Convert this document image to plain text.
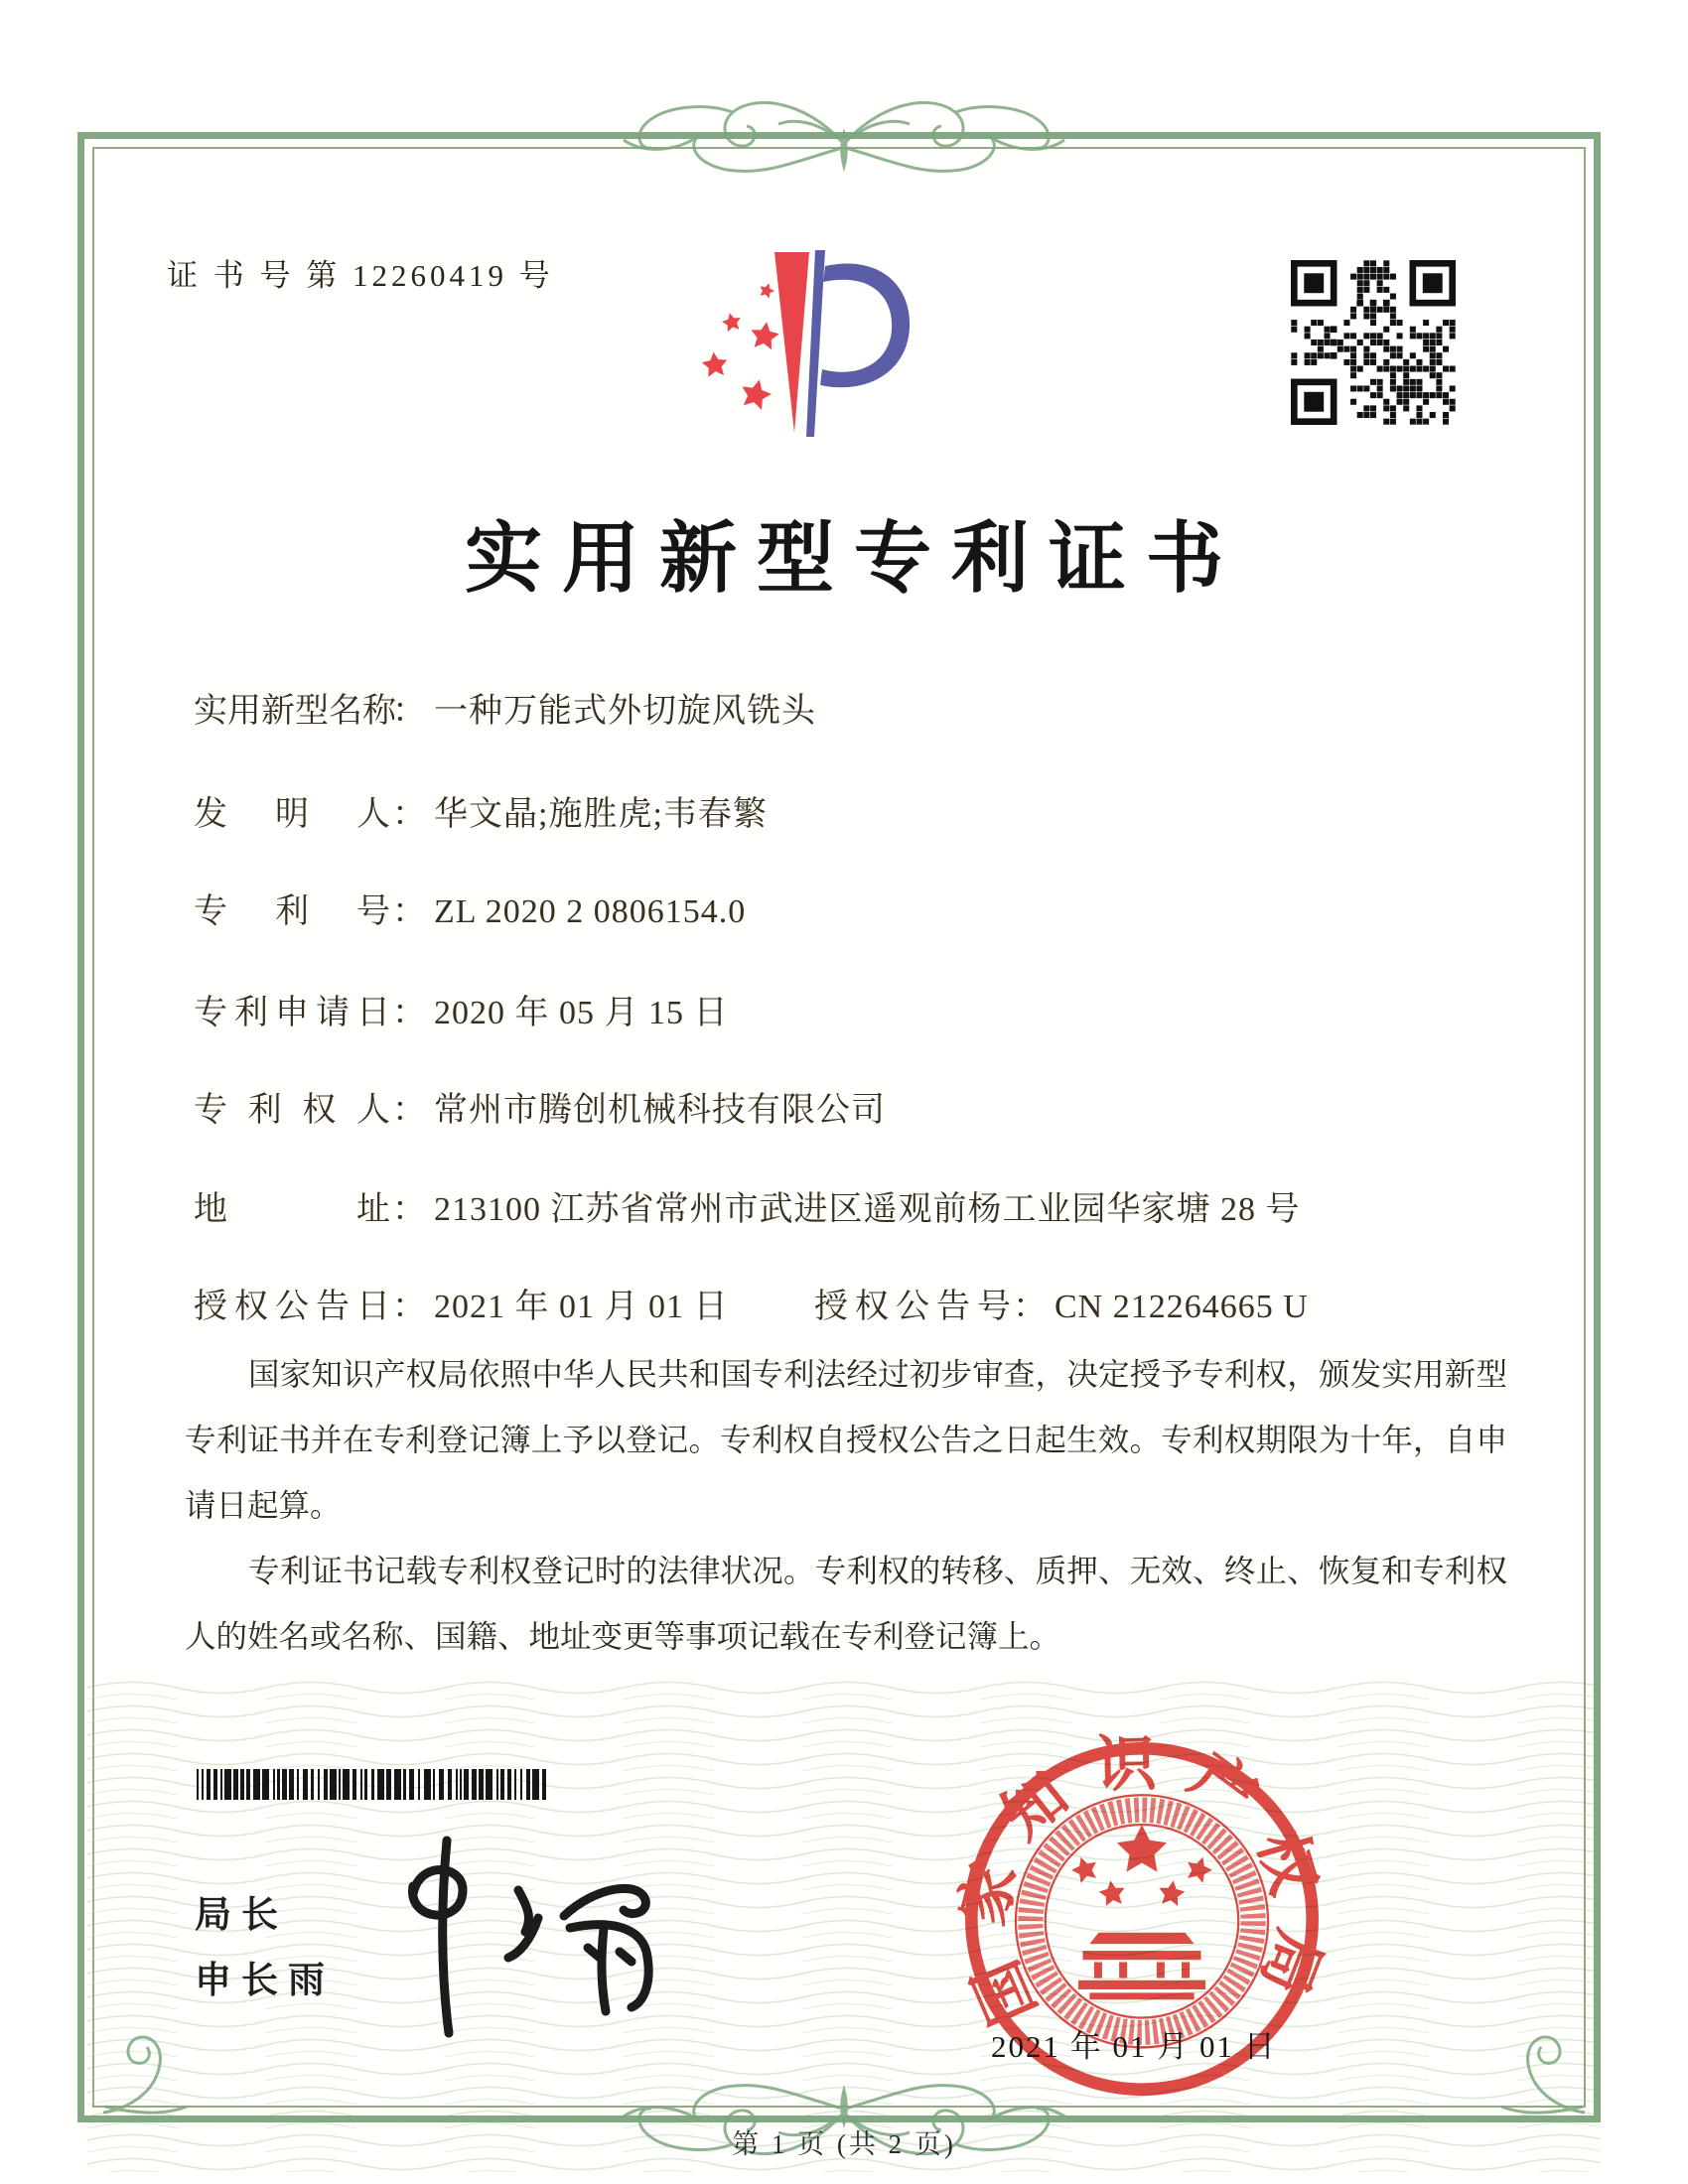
证 书 号 第 12260419 号
实用新型专利证书
实用新型名称： 一种万能式外切旋风铣头
发明人： 华文晶;施胜虎;韦春繁
专利号： ZL 2020 2 0806154.0
专利申请日： 2020 年 05 月 15 日
专利权人： 常州市腾创机械科技有限公司
地址： 213100 江苏省常州市武进区遥观前杨工业园华家塘 28 号
授权公告日： 2021 年 01 月 01 日	授权公告号： CN 212264665 U

国家知识产权局依照中华人民共和国专利法经过初步审查，决定授予专利权，颁发实用新型专利证书并在专利登记簿上予以登记。专利权自授权公告之日起生效。专利权期限为十年，自申请日起算。

专利证书记载专利权登记时的法律状况。专利权的转移、质押、无效、终止、恢复和专利权人的姓名或名称、国籍、地址变更等事项记载在专利登记簿上。

局长
申长雨	国家知识产权局
2021 年 01 月 01 日
第 1 页 (共 2 页)
